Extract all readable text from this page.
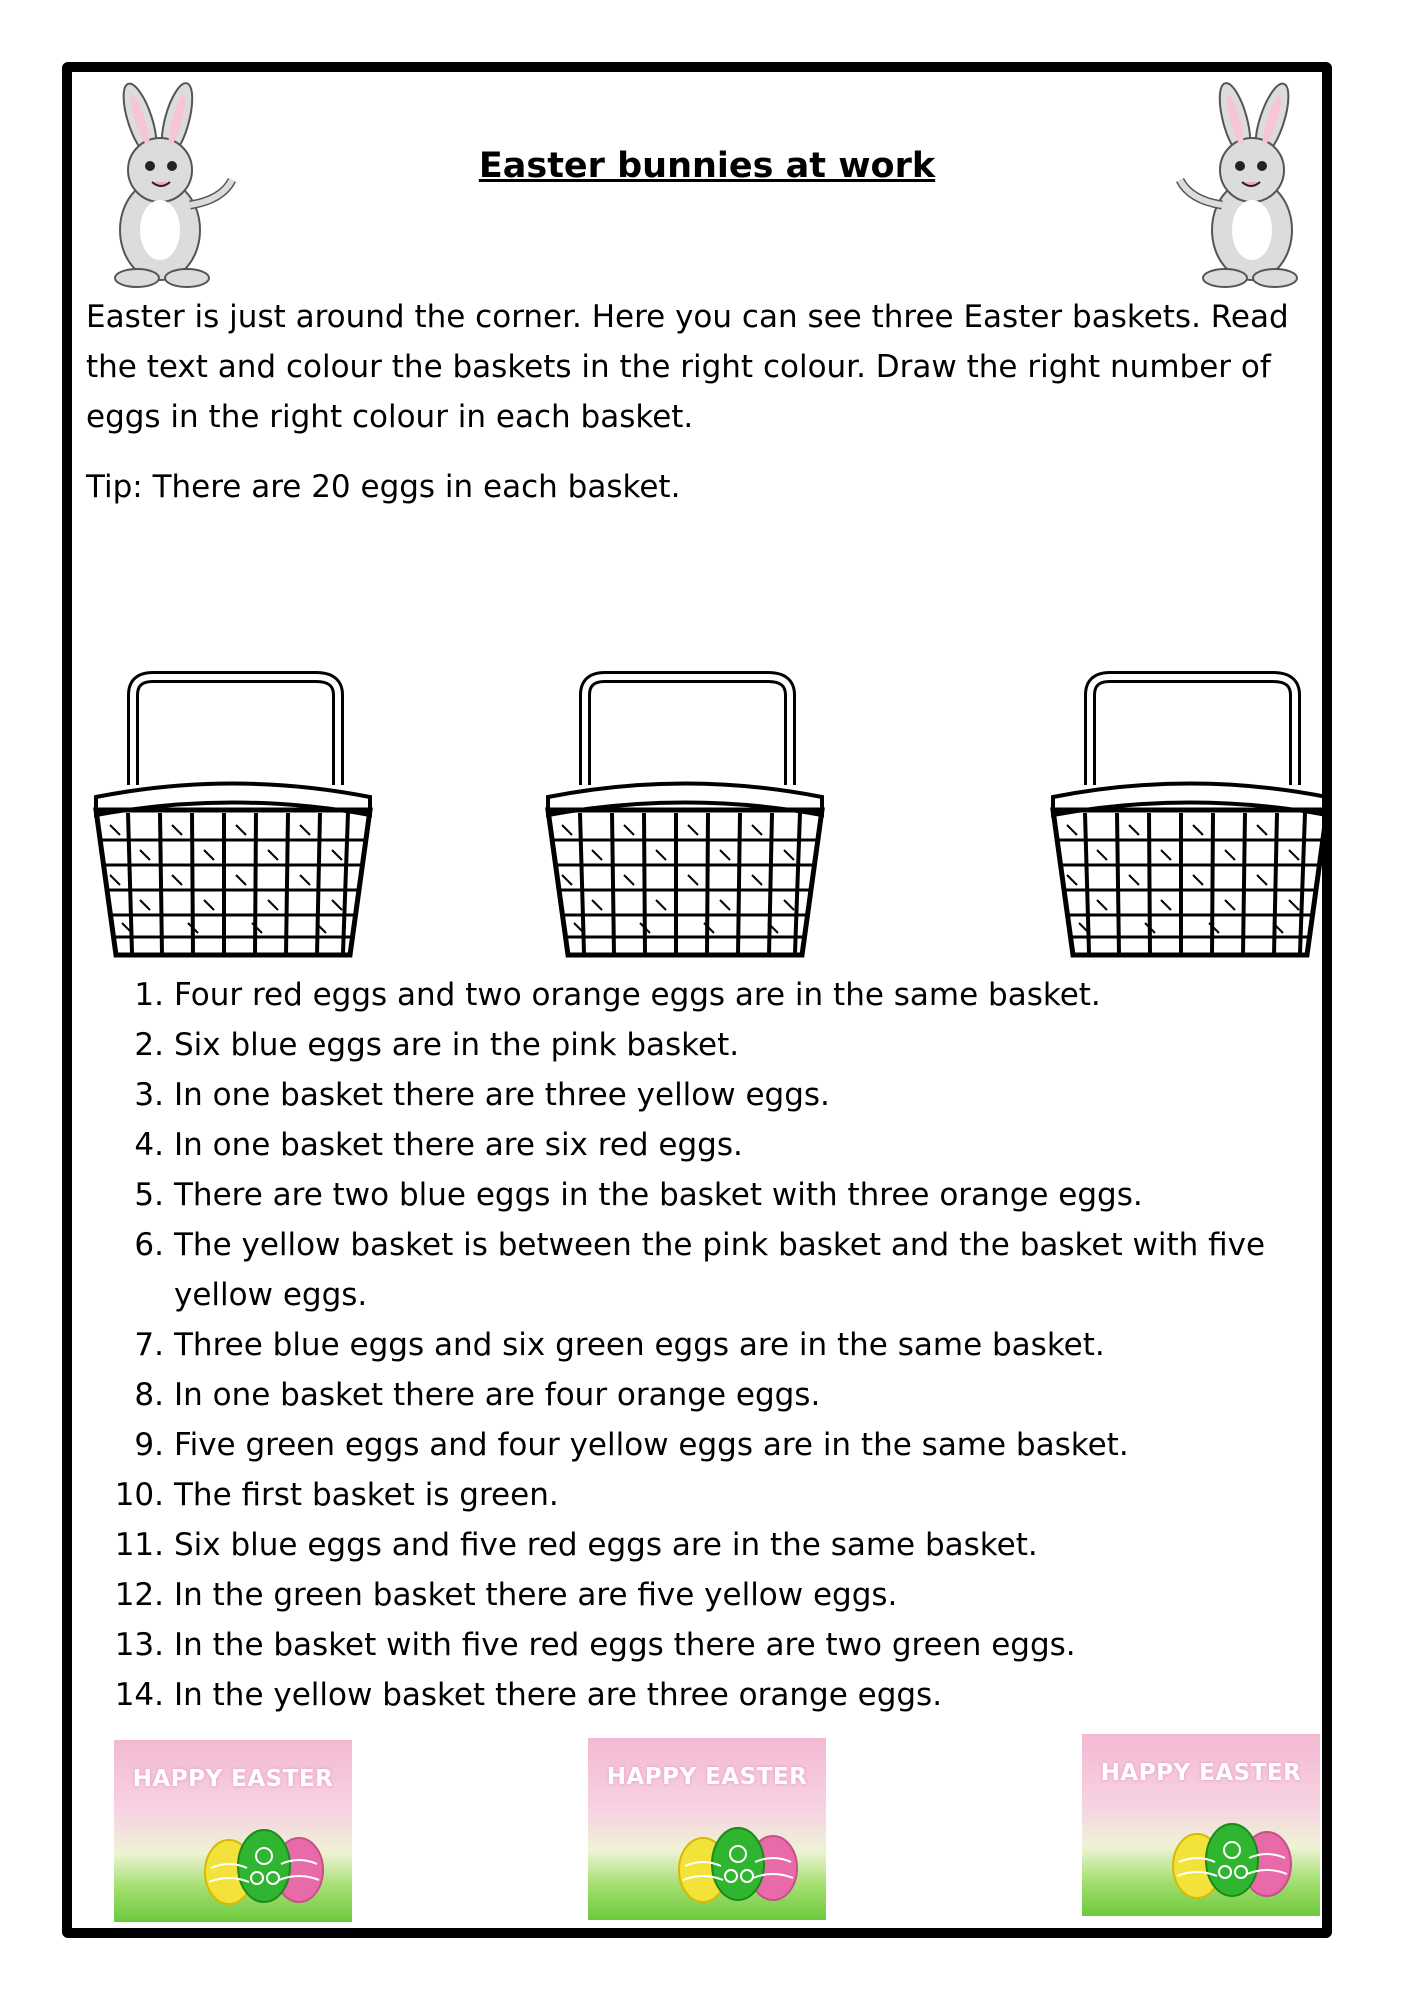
Easter bunnies at work
Easter is just around the corner. Here you can see three Easter baskets. Read the text and colour the baskets in the right colour. Draw the right number of eggs in the right colour in each basket.
Tip: There are 20 eggs in each basket.
1. Four red eggs and two orange eggs are in the same basket.
2. Six blue eggs are in the pink basket.
3. In one basket there are three yellow eggs.
4. In one basket there are six red eggs.
5. There are two blue eggs in the basket with three orange eggs.
6. The yellow basket is between the pink basket and the basket with five yellow eggs.
7. Three blue eggs and six green eggs are in the same basket.
8. In one basket there are four orange eggs.
9. Five green eggs and four yellow eggs are in the same basket.
10. The first basket is green.
11. Six blue eggs and five red eggs are in the same basket.
12. In the green basket there are five yellow eggs.
13. In the basket with five red eggs there are two green eggs.
14. In the yellow basket there are three orange eggs.
HAPPY EASTER	HAPPY EASTER	HAPPY EASTER
